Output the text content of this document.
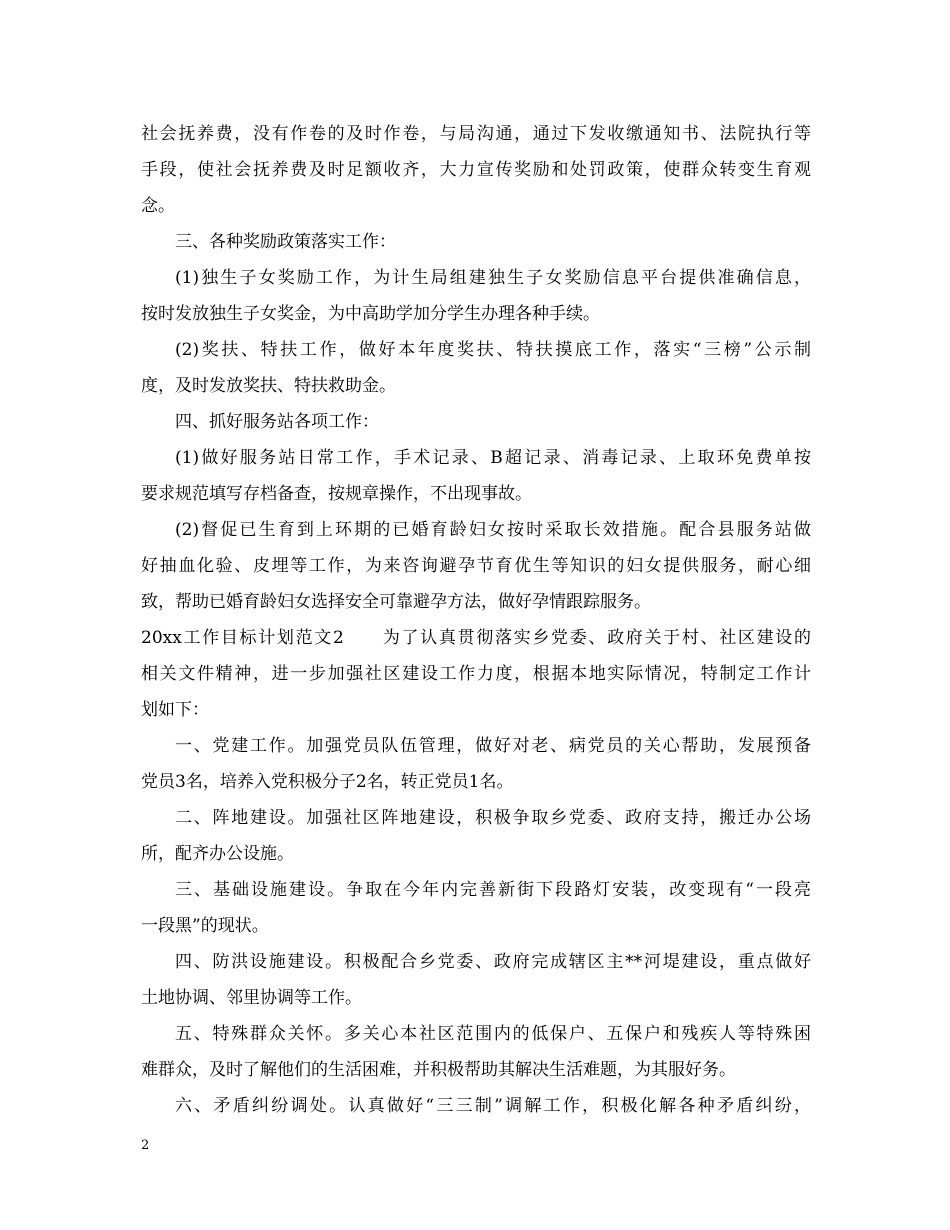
社会抚养费，没有作卷的及时作卷，与局沟通，通过下发收缴通知书、法院执行等
手段，使社会抚养费及时足额收齐，大力宣传奖励和处罚政策，使群众转变生育观
念。
三、各种奖励政策落实工作：
(1)独生子女奖励工作，为计生局组建独生子女奖励信息平台提供准确信息，
按时发放独生子女奖金，为中高助学加分学生办理各种手续。
(2)奖扶、特扶工作，做好本年度奖扶、特扶摸底工作，落实“三榜”公示制
度，及时发放奖扶、特扶救助金。
四、抓好服务站各项工作：
(1)做好服务站日常工作，手术记录、B超记录、消毒记录、上取环免费单按
要求规范填写存档备查，按规章操作，不出现事故。
(2)督促已生育到上环期的已婚育龄妇女按时采取长效措施。配合县服务站做
好抽血化验、皮埋等工作，为来咨询避孕节育优生等知识的妇女提供服务，耐心细
致，帮助已婚育龄妇女选择安全可靠避孕方法，做好孕情跟踪服务。
20xx工作目标计划范文2　　为了认真贯彻落实乡党委、政府关于村、社区建设的
相关文件精神，进一步加强社区建设工作力度，根据本地实际情况，特制定工作计
划如下：
一、党建工作。加强党员队伍管理，做好对老、病党员的关心帮助，发展预备
党员3名，培养入党积极分子2名，转正党员1名。
二、阵地建设。加强社区阵地建设，积极争取乡党委、政府支持，搬迁办公场
所，配齐办公设施。
三、基础设施建设。争取在今年内完善新街下段路灯安装，改变现有“一段亮
一段黑”的现状。
四、防洪设施建设。积极配合乡党委、政府完成辖区主**河堤建设，重点做好
土地协调、邻里协调等工作。
五、特殊群众关怀。多关心本社区范围内的低保户、五保户和残疾人等特殊困
难群众，及时了解他们的生活困难，并积极帮助其解决生活难题，为其服好务。
六、矛盾纠纷调处。认真做好“三三制”调解工作，积极化解各种矛盾纠纷，
2
